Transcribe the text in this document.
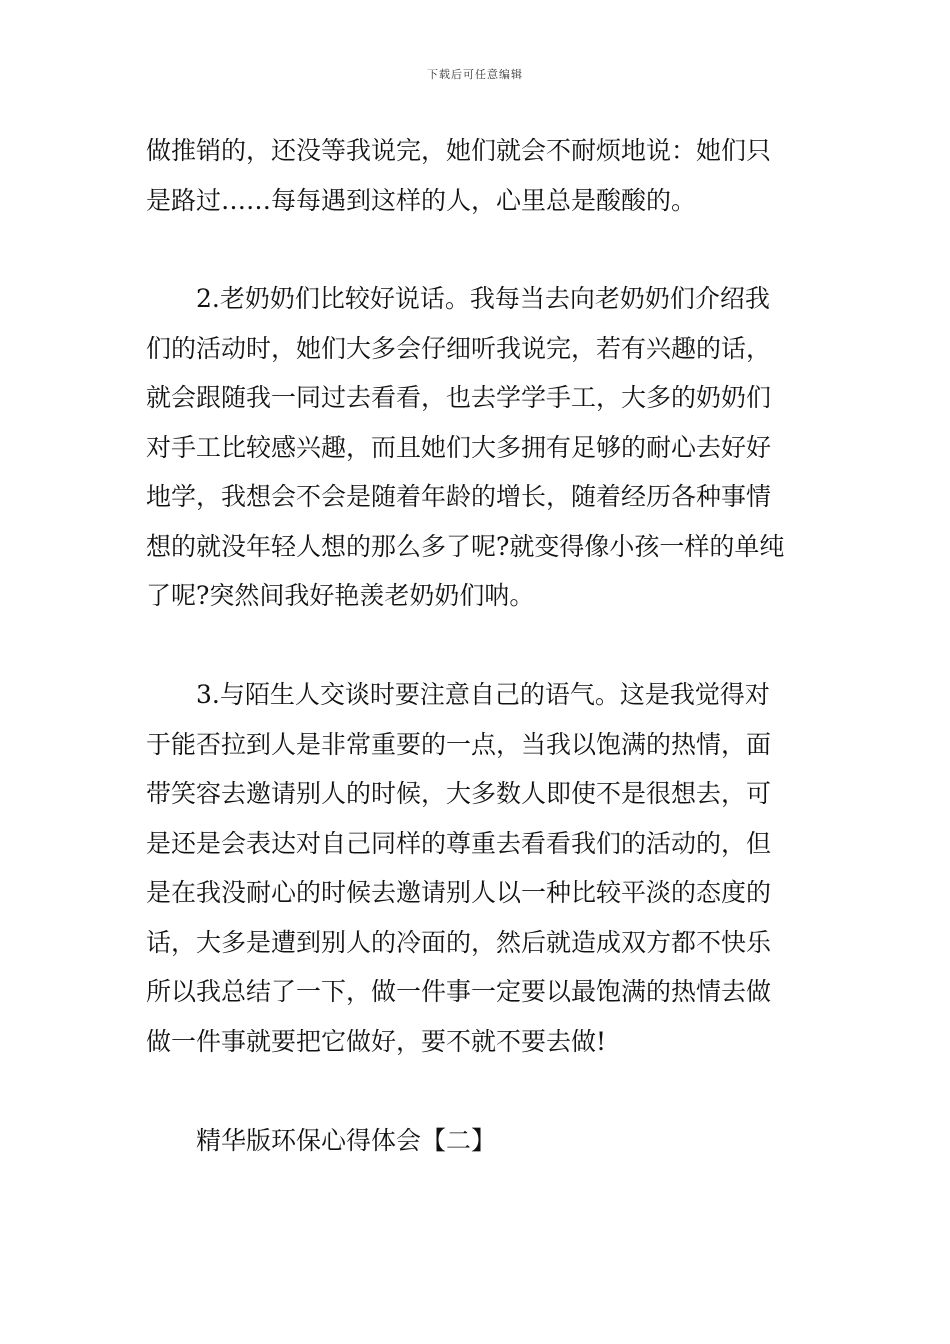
下载后可任意编辑
做推销的，还没等我说完，她们就会不耐烦地说：她们只
是路过……每每遇到这样的人，心里总是酸酸的。
2.老奶奶们比较好说话。我每当去向老奶奶们介绍我
们的活动时，她们大多会仔细听我说完，若有兴趣的话，
就会跟随我一同过去看看，也去学学手工，大多的奶奶们
对手工比较感兴趣，而且她们大多拥有足够的耐心去好好
地学，我想会不会是随着年龄的增长，随着经历各种事情
想的就没年轻人想的那么多了呢?就变得像小孩一样的单纯
了呢?突然间我好艳羡老奶奶们呐。
3.与陌生人交谈时要注意自己的语气。这是我觉得对
于能否拉到人是非常重要的一点，当我以饱满的热情，面
带笑容去邀请别人的时候，大多数人即使不是很想去，可
是还是会表达对自己同样的尊重去看看我们的活动的，但
是在我没耐心的时候去邀请别人以一种比较平淡的态度的
话，大多是遭到别人的冷面的，然后就造成双方都不快乐
所以我总结了一下，做一件事一定要以最饱满的热情去做
做一件事就要把它做好，要不就不要去做!
精华版环保心得体会【二】
